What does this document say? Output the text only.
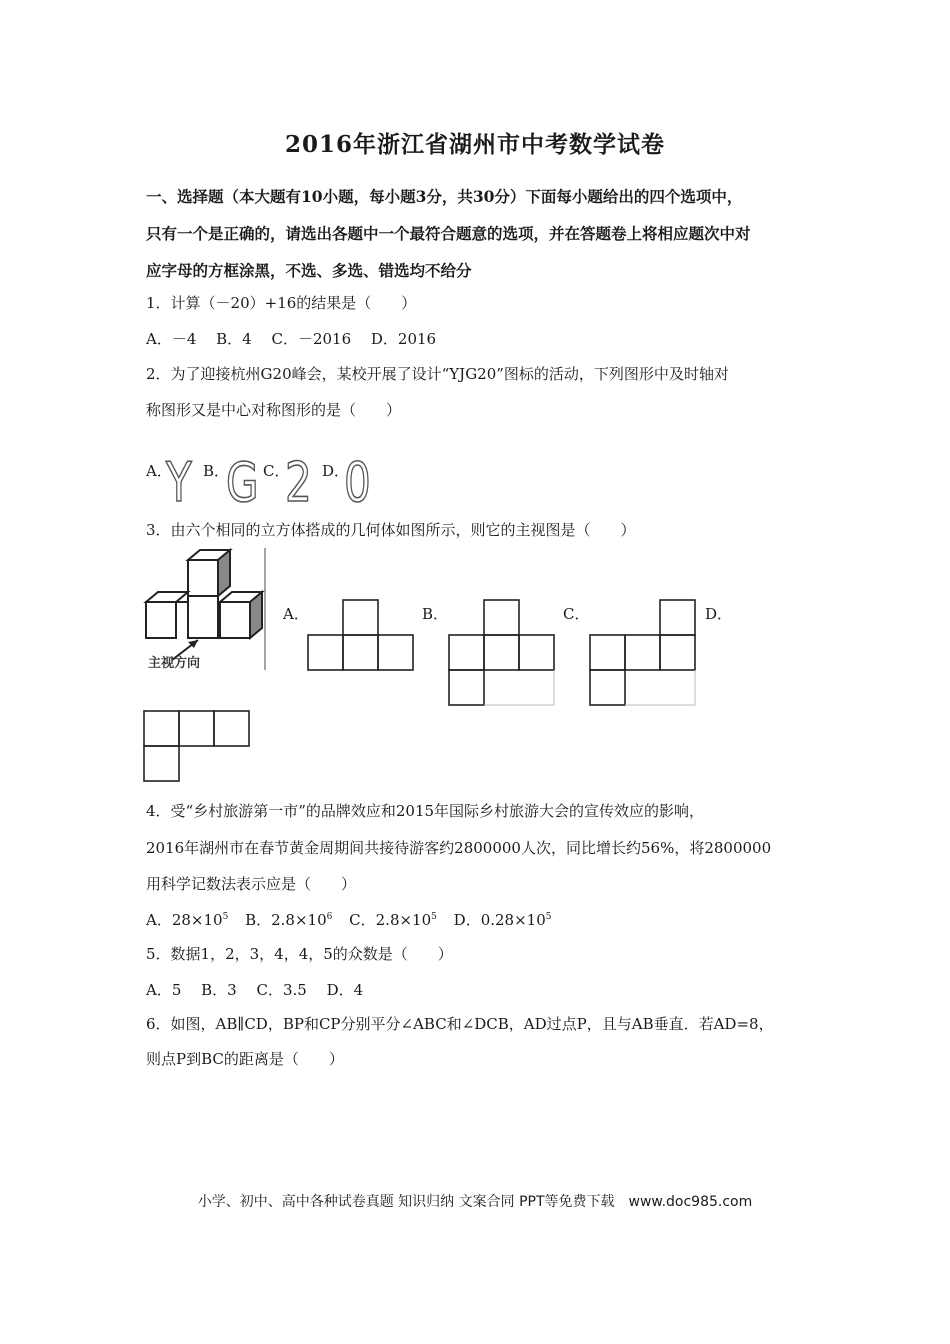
2016年浙江省湖州市中考数学试卷
一、选择题（本大题有10小题，每小题3分，共30分）下面每小题给出的四个选项中，
只有一个是正确的，请选出各题中一个最符合题意的选项，并在答题卷上将相应题次中对
应字母的方框涂黑，不选、多选、错选均不给分
1．计算（－20）+16的结果是（　　）
A．－4　 B．4　 C．－2016　 D．2016
2．为了迎接杭州G20峰会，某校开展了设计“YJG20”图标的活动，下列图形中及时轴对
称图形又是中心对称图形的是（　　）
A．
Y B．
G C．
2 D．
0
3．由六个相同的立方体搭成的几何体如图所示，则它的主视图是（　　）
主视方向
A．	B．	C．	D．
4．受“乡村旅游第一市”的品牌效应和2015年国际乡村旅游大会的宣传效应的影响，
2016年湖州市在春节黄金周期间共接待游客约2800000人次，同比增长约56%，将2800000
用科学记数法表示应是（　　）
A．$28\times 10^5$ B．$2.8\times 10^6$ C．$2.8\times 10^5$ D．$0.28\times 10^5$
5．数据1，2，3，4，4，5的众数是（　　）
A．5　 B．3　 C．3.5　 D．4
6．如图，AB∥CD，BP和CP分别平分∠ABC和∠DCB，AD过点P，且与AB垂直．若AD=8，
则点P到BC的距离是（　　）
小学、初中、高中各种试卷真题 知识归纳 文案合同 PPT等免费下载　www.doc985.com
